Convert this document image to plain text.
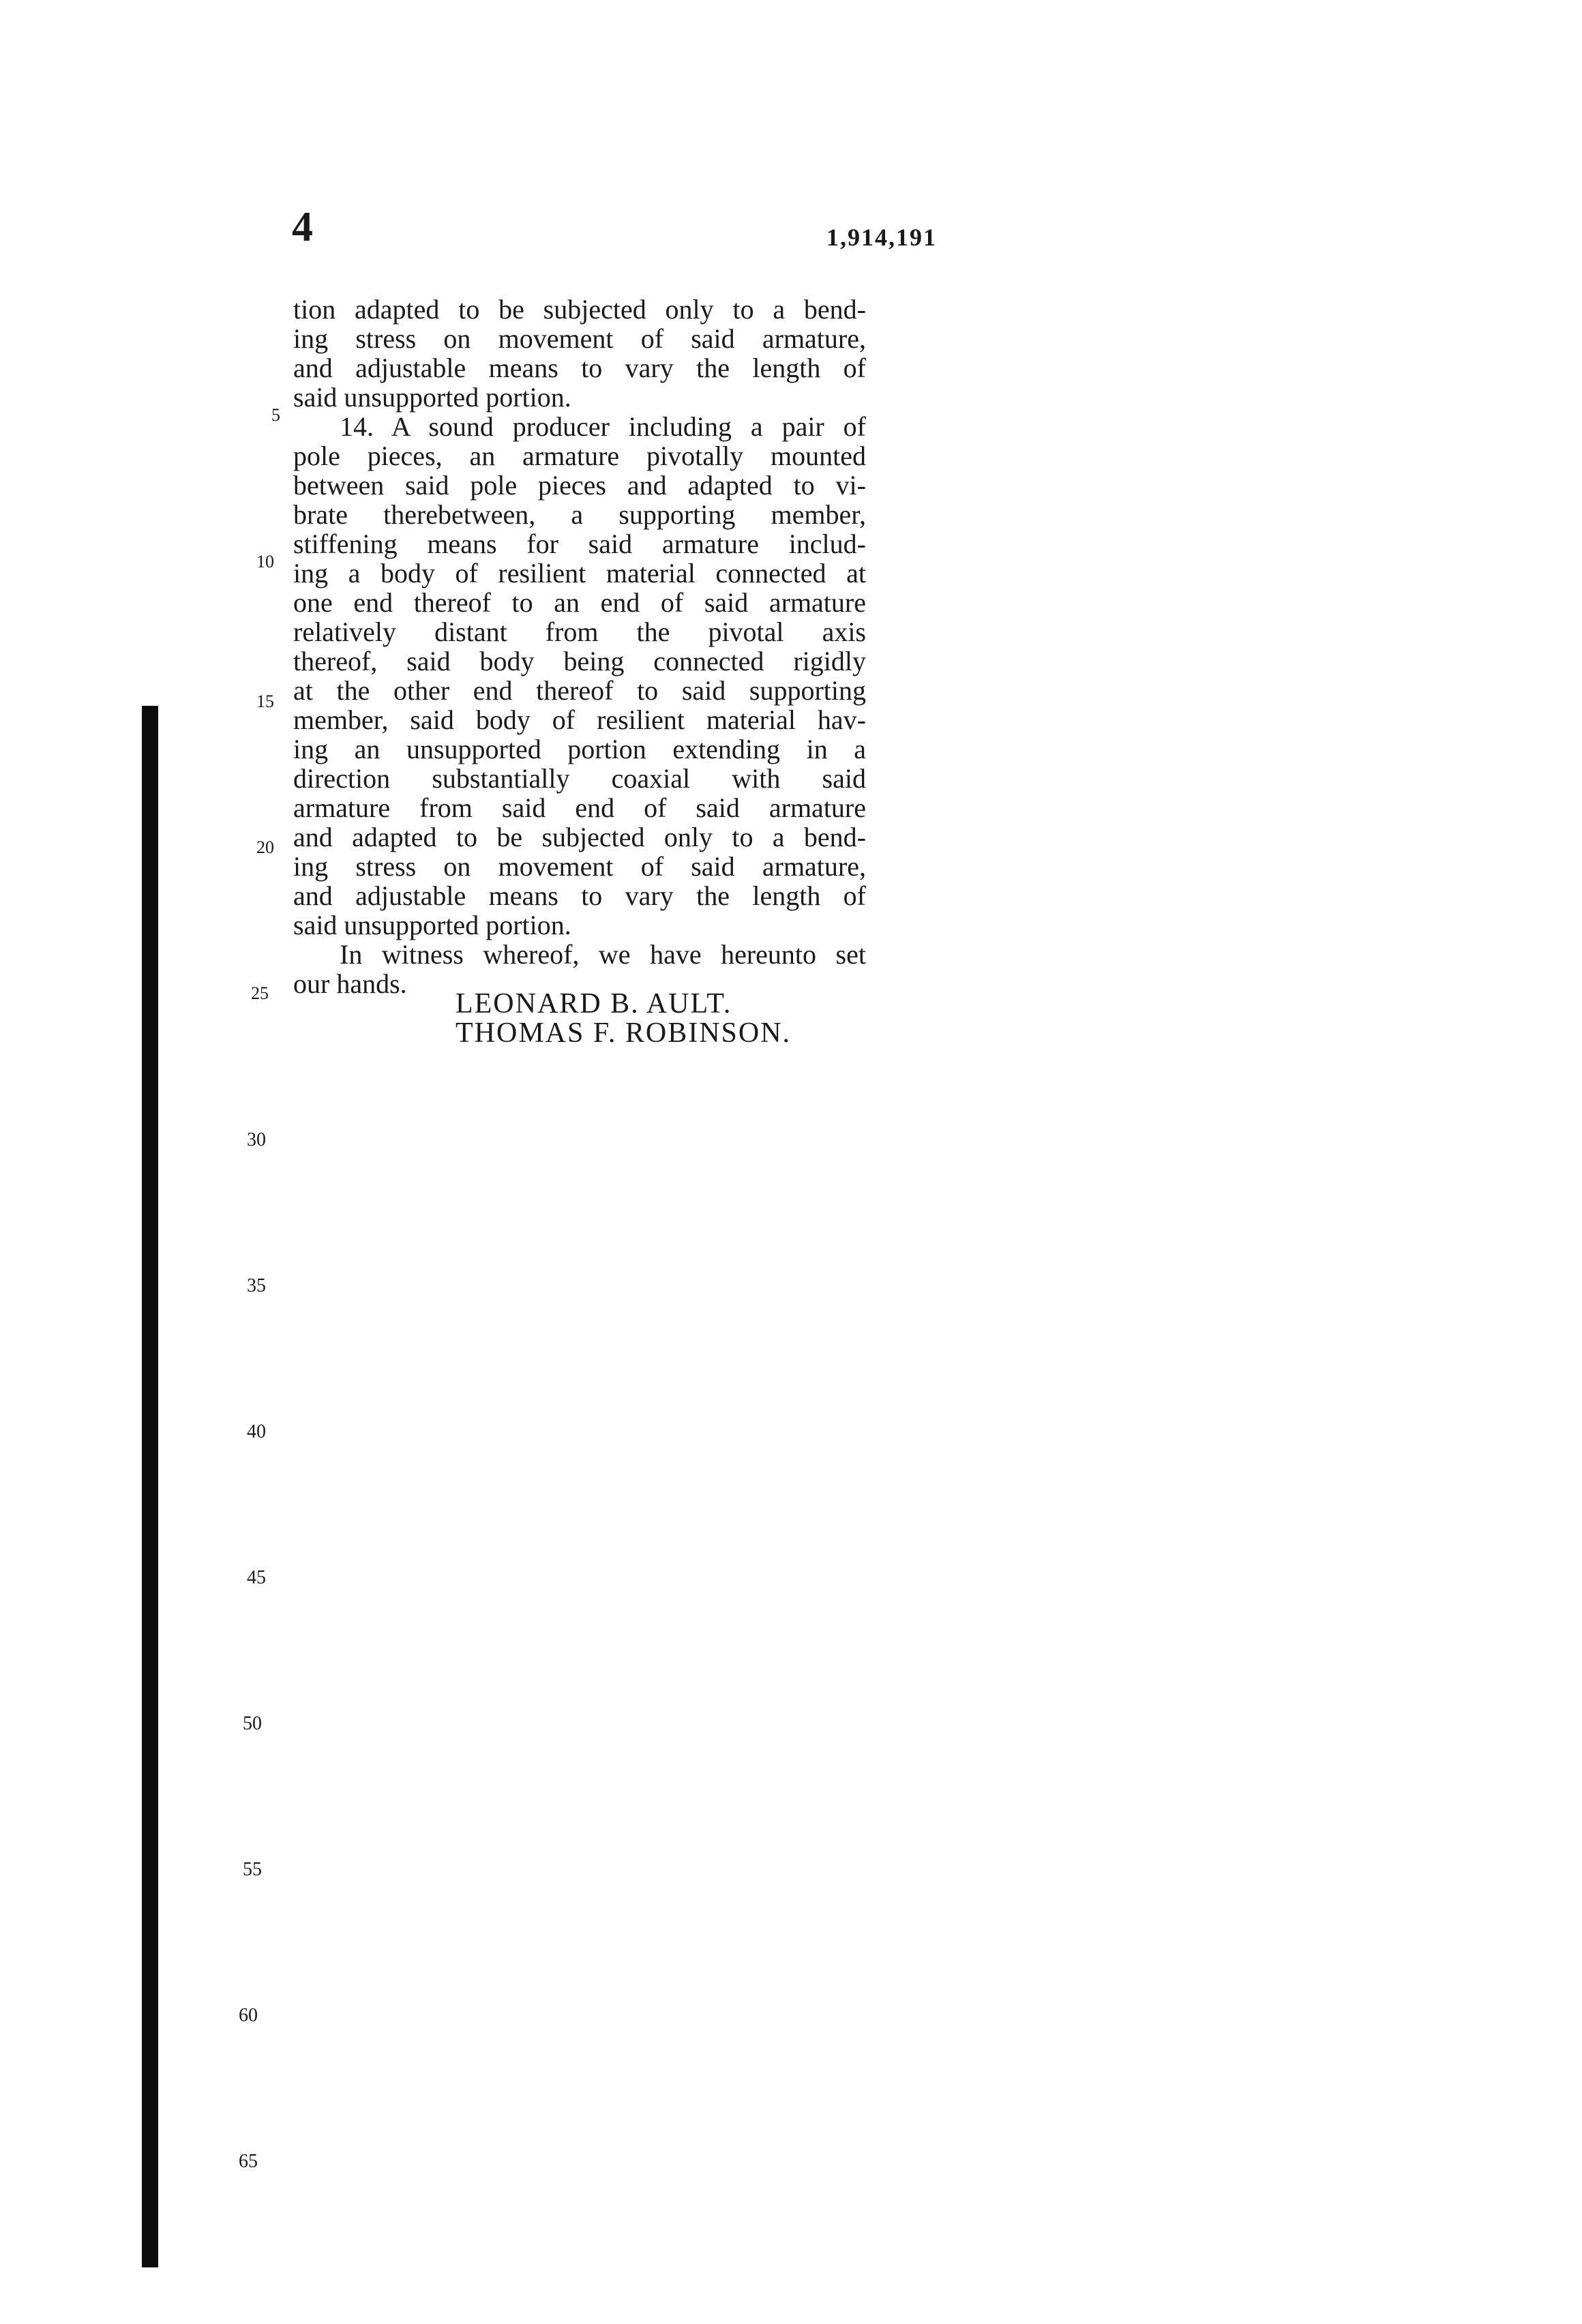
4	1,914,191
tion adapted to be subjected only to a bend-
ing stress on movement of said armature,
and adjustable means to vary the length of
said unsupported portion.
14. A sound producer including a pair of
pole pieces, an armature pivotally mounted
between said pole pieces and adapted to vi-
brate therebetween, a supporting member,
stiffening means for said armature includ-
ing a body of resilient material connected at
one end thereof to an end of said armature
relatively distant from the pivotal axis
thereof, said body being connected rigidly
at the other end thereof to said supporting
member, said body of resilient material hav-
ing an unsupported portion extending in a
direction substantially coaxial with said
armature from said end of said armature
and adapted to be subjected only to a bend-
ing stress on movement of said armature,
and adjustable means to vary the length of
said unsupported portion.
In witness whereof, we have hereunto set
our hands.
LEONARD B. AULT.
THOMAS F. ROBINSON.
5
10
15
20
25
30
35
40
45
50
55
60
65
